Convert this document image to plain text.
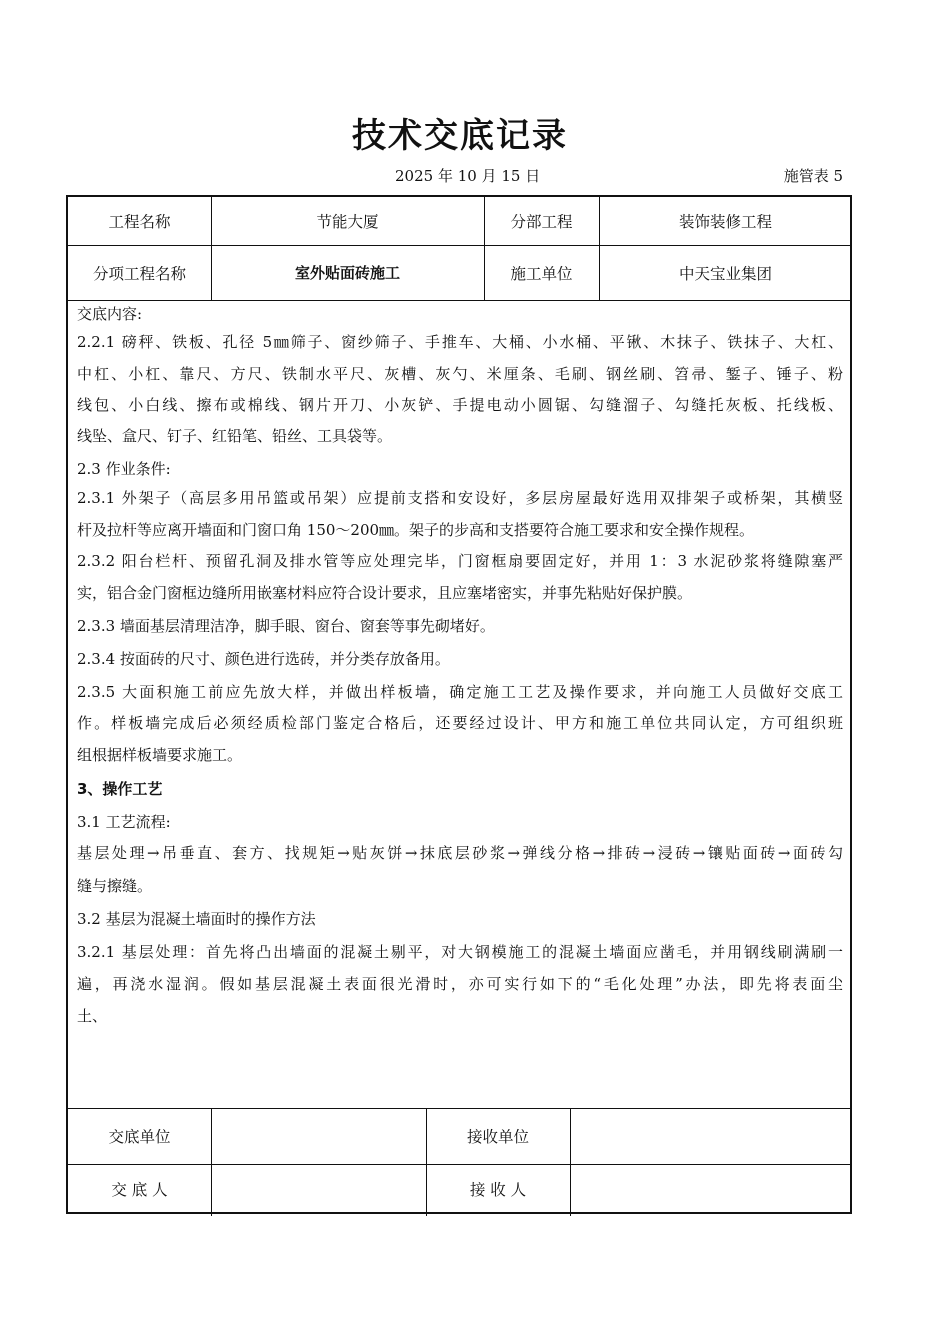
技术交底记录
2025 年 10 月 15 日	施管表 5
工程名称	节能大厦	分部工程	装饰装修工程
分项工程名称	室外贴面砖施工	施工单位	中天宝业集团
交底内容:
2.2.1 磅秤、铁板、孔径 5㎜筛子、窗纱筛子、手推车、大桶、小水桶、平锹、木抹子、铁抹子、大杠、
中杠、小杠、靠尺、方尺、铁制水平尺、灰槽、灰勺、米厘条、毛刷、钢丝刷、笤帚、錾子、锤子、粉
线包、小白线、擦布或棉线、钢片开刀、小灰铲、手提电动小圆锯、勾缝溜子、勾缝托灰板、托线板、
线坠、盒尺、钉子、红铅笔、铅丝、工具袋等。
2.3 作业条件:
2.3.1 外架子（高层多用吊篮或吊架）应提前支搭和安设好，多层房屋最好选用双排架子或桥架，其横竖
杆及拉杆等应离开墙面和门窗口角 150～200㎜。架子的步高和支搭要符合施工要求和安全操作规程。
2.3.2 阳台栏杆、预留孔洞及排水管等应处理完毕，门窗框扇要固定好，并用 1：3 水泥砂浆将缝隙塞严
实，铝合金门窗框边缝所用嵌塞材料应符合设计要求，且应塞堵密实，并事先粘贴好保护膜。
2.3.3 墙面基层清理洁净，脚手眼、窗台、窗套等事先砌堵好。
2.3.4 按面砖的尺寸、颜色进行选砖，并分类存放备用。
2.3.5 大面积施工前应先放大样，并做出样板墙，确定施工工艺及操作要求，并向施工人员做好交底工
作。样板墙完成后必须经质检部门鉴定合格后，还要经过设计、甲方和施工单位共同认定，方可组织班
组根据样板墙要求施工。
3、操作工艺
3.1 工艺流程:
基层处理→吊垂直、套方、找规矩→贴灰饼→抹底层砂浆→弹线分格→排砖→浸砖→镶贴面砖→面砖勾
缝与擦缝。
3.2 基层为混凝土墙面时的操作方法
3.2.1 基层处理：首先将凸出墙面的混凝土剔平，对大钢模施工的混凝土墙面应凿毛，并用钢线刷满刷一
遍，再浇水湿润。假如基层混凝土表面很光滑时，亦可实行如下的“毛化处理”办法，即先将表面尘
土、
交底单位	接收单位
交 底 人	接 收 人
